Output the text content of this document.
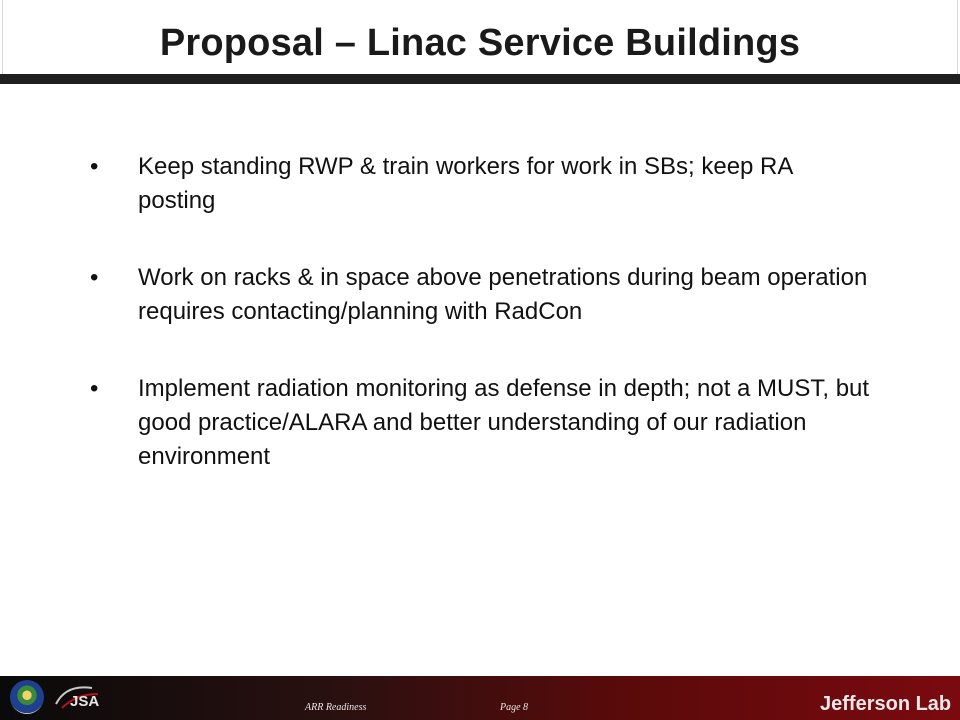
Proposal – Linac Service Buildings
• Keep standing RWP & train workers for work in SBs; keep RA posting
• Work on racks & in space above penetrations during beam operation requires contacting/planning with RadCon
• Implement radiation monitoring as defense in depth; not a MUST, but good practice/ALARA and better understanding of our radiation environment
JSA	ARR Readiness	Page 8	Jefferson Lab
